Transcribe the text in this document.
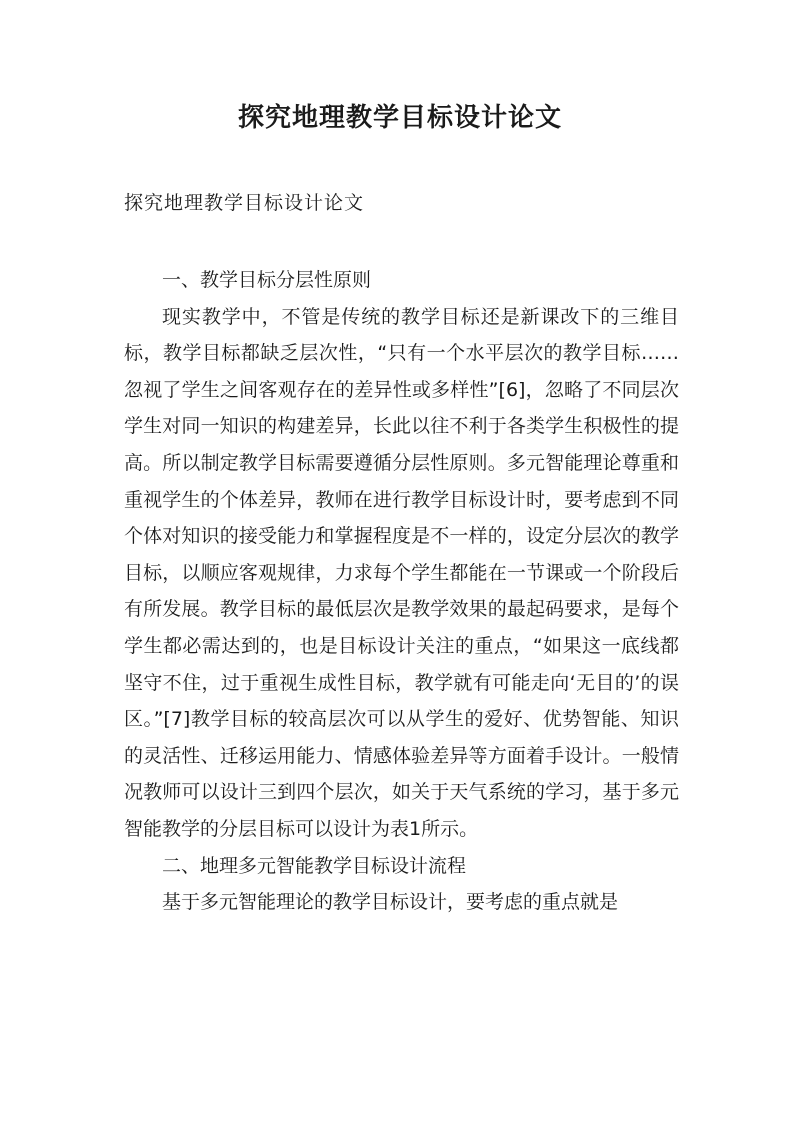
探究地理教学目标设计论文
探究地理教学目标设计论文

一、教学目标分层性原则

现实教学中，不管是传统的教学目标还是新课改下的三维目标，教学目标都缺乏层次性，“只有一个水平层次的教学目标……忽视了学生之间客观存在的差异性或多样性”[6]，忽略了不同层次学生对同一知识的构建差异，长此以往不利于各类学生积极性的提高。所以制定教学目标需要遵循分层性原则。多元智能理论尊重和重视学生的个体差异，教师在进行教学目标设计时，要考虑到不同个体对知识的接受能力和掌握程度是不一样的，设定分层次的教学目标，以顺应客观规律，力求每个学生都能在一节课或一个阶段后有所发展。教学目标的最低层次是教学效果的最起码要求，是每个学生都必需达到的，也是目标设计关注的重点，“如果这一底线都坚守不住，过于重视生成性目标，教学就有可能走向‘无目的’的误区。”[7]教学目标的较高层次可以从学生的爱好、优势智能、知识的灵活性、迁移运用能力、情感体验差异等方面着手设计。一般情况教师可以设计三到四个层次，如关于天气系统的学习，基于多元智能教学的分层目标可以设计为表1所示。

二、地理多元智能教学目标设计流程

基于多元智能理论的教学目标设计，要考虑的重点就是
